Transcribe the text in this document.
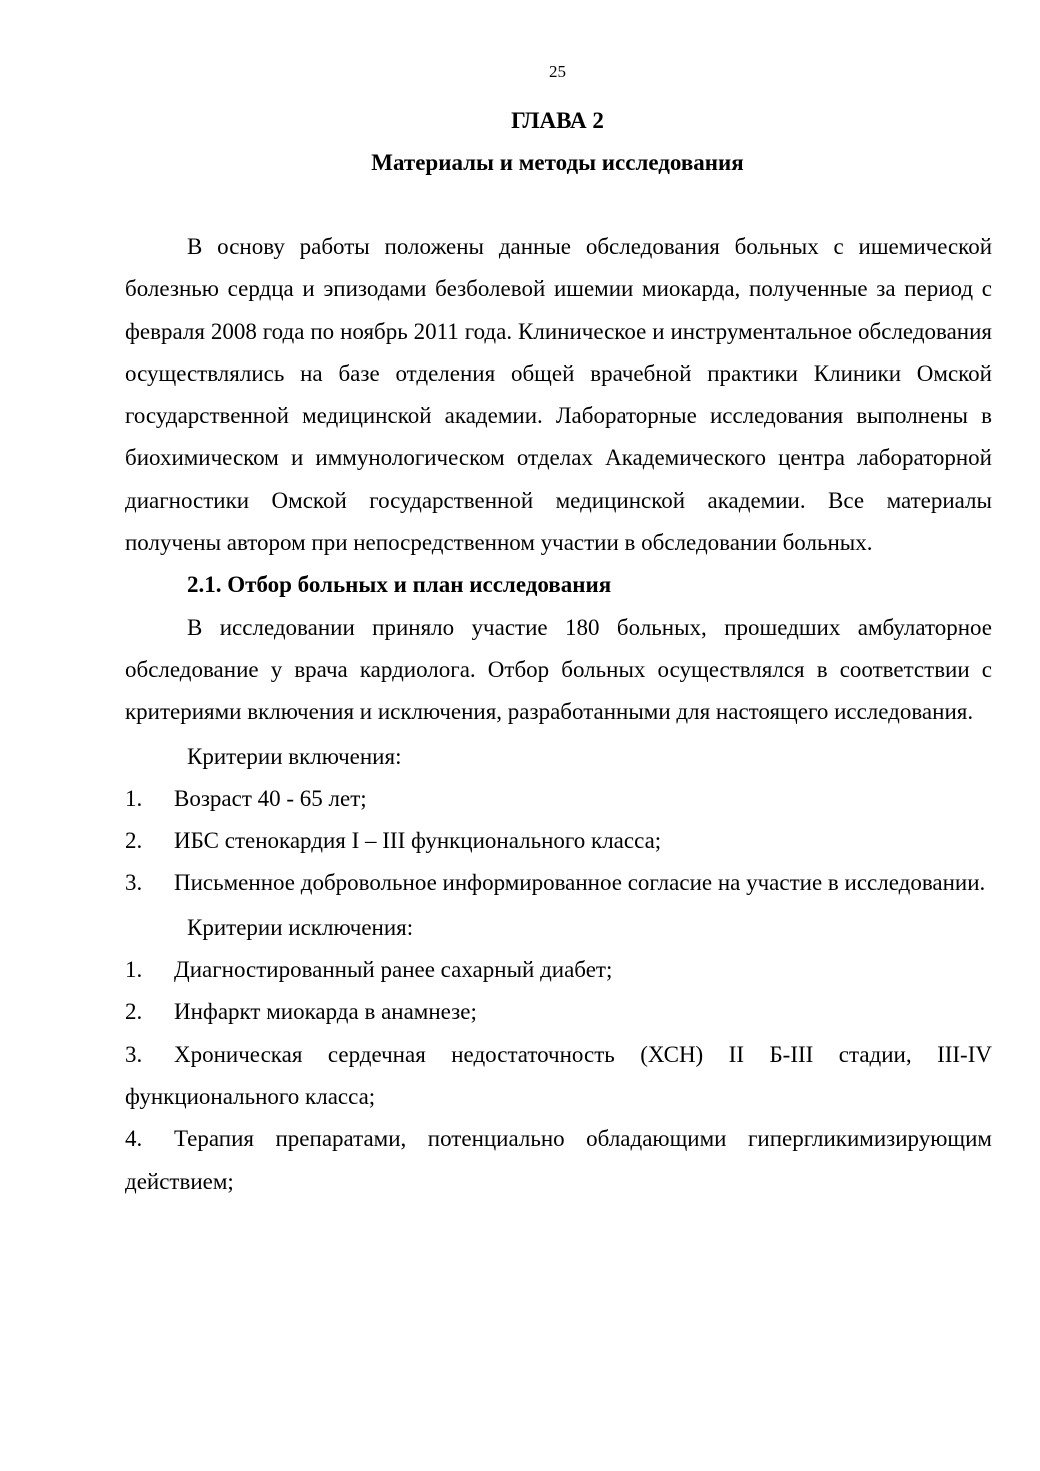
25
ГЛАВА 2
Материалы и методы исследования

В основу работы положены данные обследования больных с ишемической болезнью сердца и эпизодами безболевой ишемии миокарда, полученные за период с февраля 2008 года по ноябрь 2011 года. Клиническое и инструментальное обследования осуществлялись на базе отделения общей врачебной практики Клиники Омской государственной медицинской академии. Лабораторные исследования выполнены в биохимическом и иммунологическом отделах Академического центра лабораторной диагностики Омской государственной медицинской академии. Все материалы получены автором при непосредственном участии в обследовании больных.

2.1. Отбор больных и план исследования

В исследовании приняло участие 180 больных, прошедших амбулаторное обследование у врача кардиолога. Отбор больных осуществлялся в соответствии с критериями включения и исключения, разработанными для настоящего исследования.

Критерии включения:

1. Возраст 40 - 65 лет;

2. ИБС стенокардия I – III функционального класса;

3. Письменное добровольное информированное согласие на участие в исследовании.

Критерии исключения:

1. Диагностированный ранее сахарный диабет;

2. Инфаркт миокарда в анамнезе;

3. Хроническая сердечная недостаточность (ХСН) II Б-III стадии, III-IV функционального класса;

4. Терапия препаратами, потенциально обладающими гипергликимизирующим действием;
